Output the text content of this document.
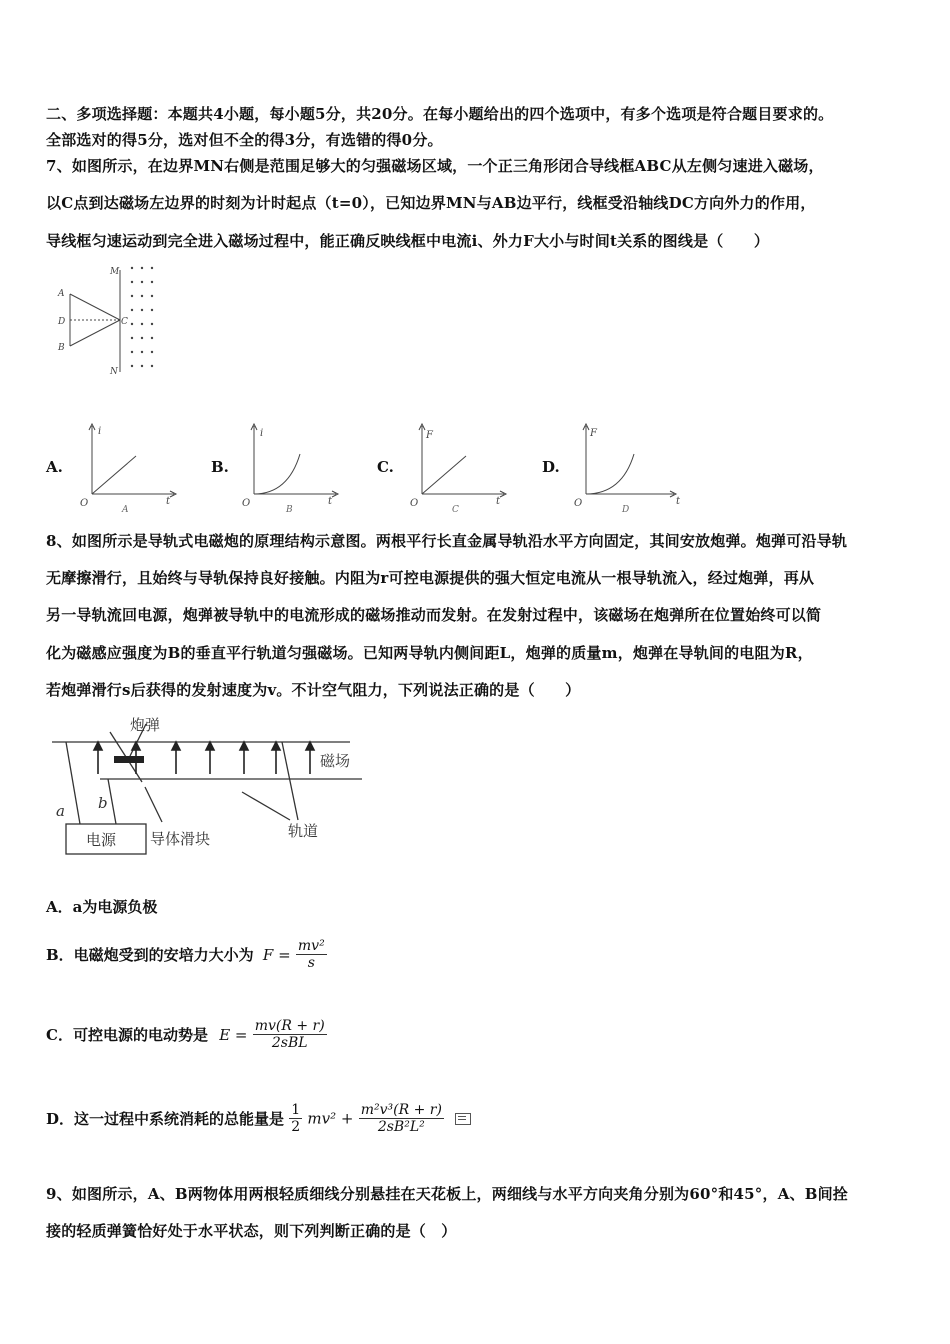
二、多项选择题：本题共4小题，每小题5分，共20分。在每小题给出的四个选项中，有多个选项是符合题目要求的。
全部选对的得5分，选对但不全的得3分，有选错的得0分。
7、如图所示，在边界MN右侧是范围足够大的匀强磁场区域，一个正三角形闭合导线框ABC从左侧匀速进入磁场，
以C点到达磁场左边界的时刻为计时起点（t=0），已知边界MN与AB边平行，线框受沿轴线DC方向外力的作用，
导线框匀速运动到完全进入磁场过程中，能正确反映线框中电流i、外力F大小与时间t关系的图线是（　　）
A
D
B
C
M
N
A.
i
t
O
A
B.
i
t
O
B
C.
F
t
O
C
D.
F
t
O
D
8、如图所示是导轨式电磁炮的原理结构示意图。两根平行长直金属导轨沿水平方向固定，其间安放炮弹。炮弹可沿导轨
无摩擦滑行，且始终与导轨保持良好接触。内阻为r可控电源提供的强大恒定电流从一根导轨流入，经过炮弹，再从
另一导轨流回电源，炮弹被导轨中的电流形成的磁场推动而发射。在发射过程中，该磁场在炮弹所在位置始终可以简
化为磁感应强度为B的垂直平行轨道匀强磁场。已知两导轨内侧间距L，炮弹的质量m，炮弹在导轨间的电阻为R，
若炮弹滑行s后获得的发射速度为v。不计空气阻力，下列说法正确的是（　　）
炮弹
磁场
导体滑块	轨道
电源
a b
A．a为电源负极
B．电磁炮受到的安培力大小为 $F = \frac{\text{mv²}}{s}$
C．可控电源的电动势是 $E = \frac{mv(R + r)}{\text{2sBL}}$
D．这一过程中系统消耗的总能量是 $\frac{1}{2} mv^2 + \frac{\text{m²v³(R + r)}}{\text{2sB²L²}}$

9、如图所示，A、B两物体用两根轻质细线分别悬挂在天花板上，两细线与水平方向夹角分别为60°和45°，A、B间拴
接的轻质弹簧恰好处于水平状态，则下列判断正确的是（　）
